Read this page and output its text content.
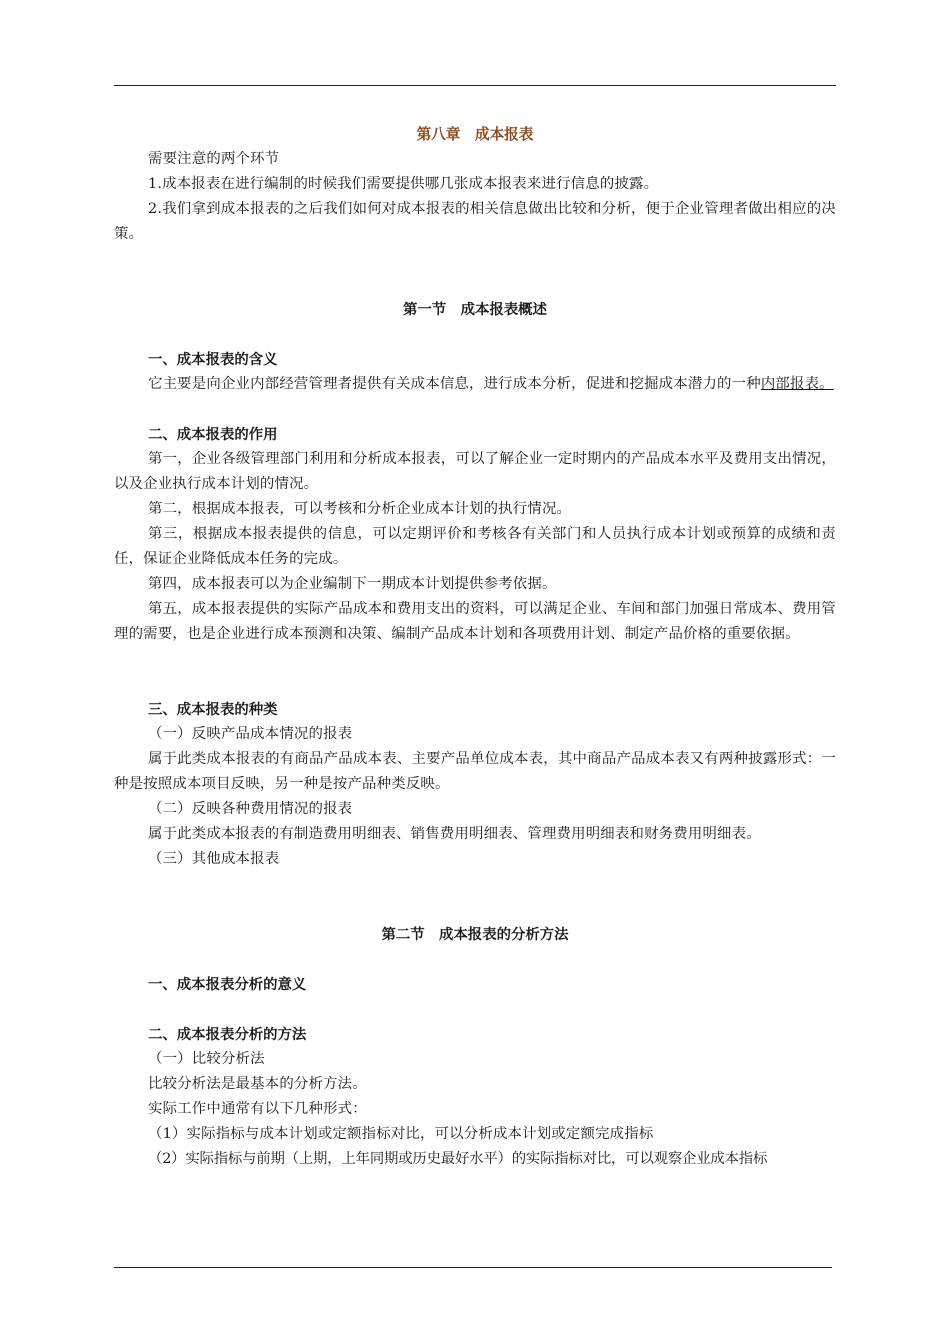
第八章　成本报表

需要注意的两个环节

1.成本报表在进行编制的时候我们需要提供哪几张成本报表来进行信息的披露。

2.我们拿到成本报表的之后我们如何对成本报表的相关信息做出比较和分析，便于企业管理者做出相应的决策。

第一节　成本报表概述

一、成本报表的含义

它主要是向企业内部经营管理者提供有关成本信息，进行成本分析，促进和挖掘成本潜力的一种内部报表。

二、成本报表的作用

第一，企业各级管理部门利用和分析成本报表，可以了解企业一定时期内的产品成本水平及费用支出情况，以及企业执行成本计划的情况。

第二，根据成本报表，可以考核和分析企业成本计划的执行情况。

第三，根据成本报表提供的信息，可以定期评价和考核各有关部门和人员执行成本计划或预算的成绩和责任，保证企业降低成本任务的完成。

第四，成本报表可以为企业编制下一期成本计划提供参考依据。

第五，成本报表提供的实际产品成本和费用支出的资料，可以满足企业、车间和部门加强日常成本、费用管理的需要，也是企业进行成本预测和决策、编制产品成本计划和各项费用计划、制定产品价格的重要依据。

三、成本报表的种类

（一）反映产品成本情况的报表

属于此类成本报表的有商品产品成本表、主要产品单位成本表，其中商品产品成本表又有两种披露形式：一种是按照成本项目反映，另一种是按产品种类反映。

（二）反映各种费用情况的报表

属于此类成本报表的有制造费用明细表、销售费用明细表、管理费用明细表和财务费用明细表。

（三）其他成本报表

第二节　成本报表的分析方法

一、成本报表分析的意义

二、成本报表分析的方法

（一）比较分析法

比较分析法是最基本的分析方法。

实际工作中通常有以下几种形式：

（1）实际指标与成本计划或定额指标对比，可以分析成本计划或定额完成指标

（2）实际指标与前期（上期，上年同期或历史最好水平）的实际指标对比，可以观察企业成本指标
